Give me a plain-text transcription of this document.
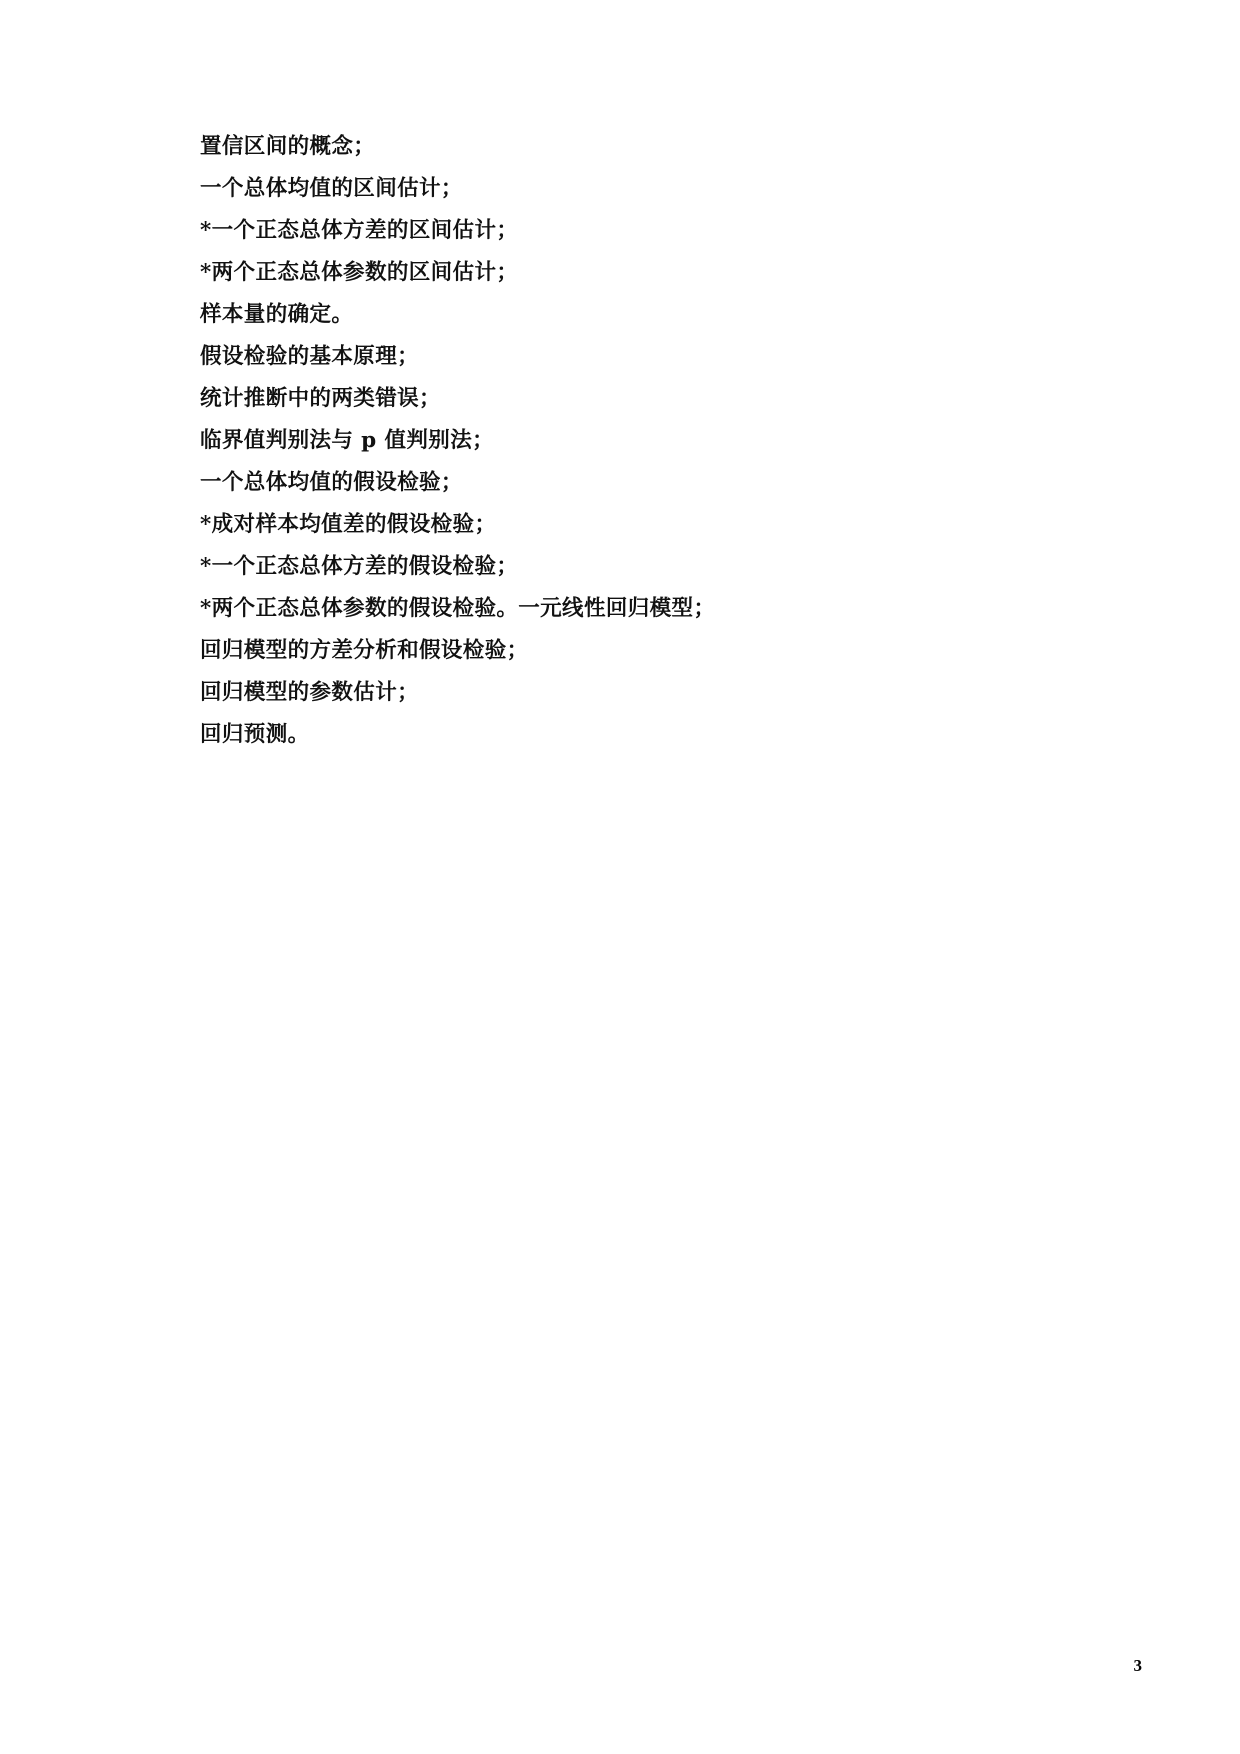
置信区间的概念；
一个总体均值的区间估计；
*一个正态总体方差的区间估计；
*两个正态总体参数的区间估计；
样本量的确定。
假设检验的基本原理；
统计推断中的两类错误；
临界值判别法与 p 值判别法；
一个总体均值的假设检验；
*成对样本均值差的假设检验；
*一个正态总体方差的假设检验；
*两个正态总体参数的假设检验。一元线性回归模型；
回归模型的方差分析和假设检验；
回归模型的参数估计；
回归预测。
3
